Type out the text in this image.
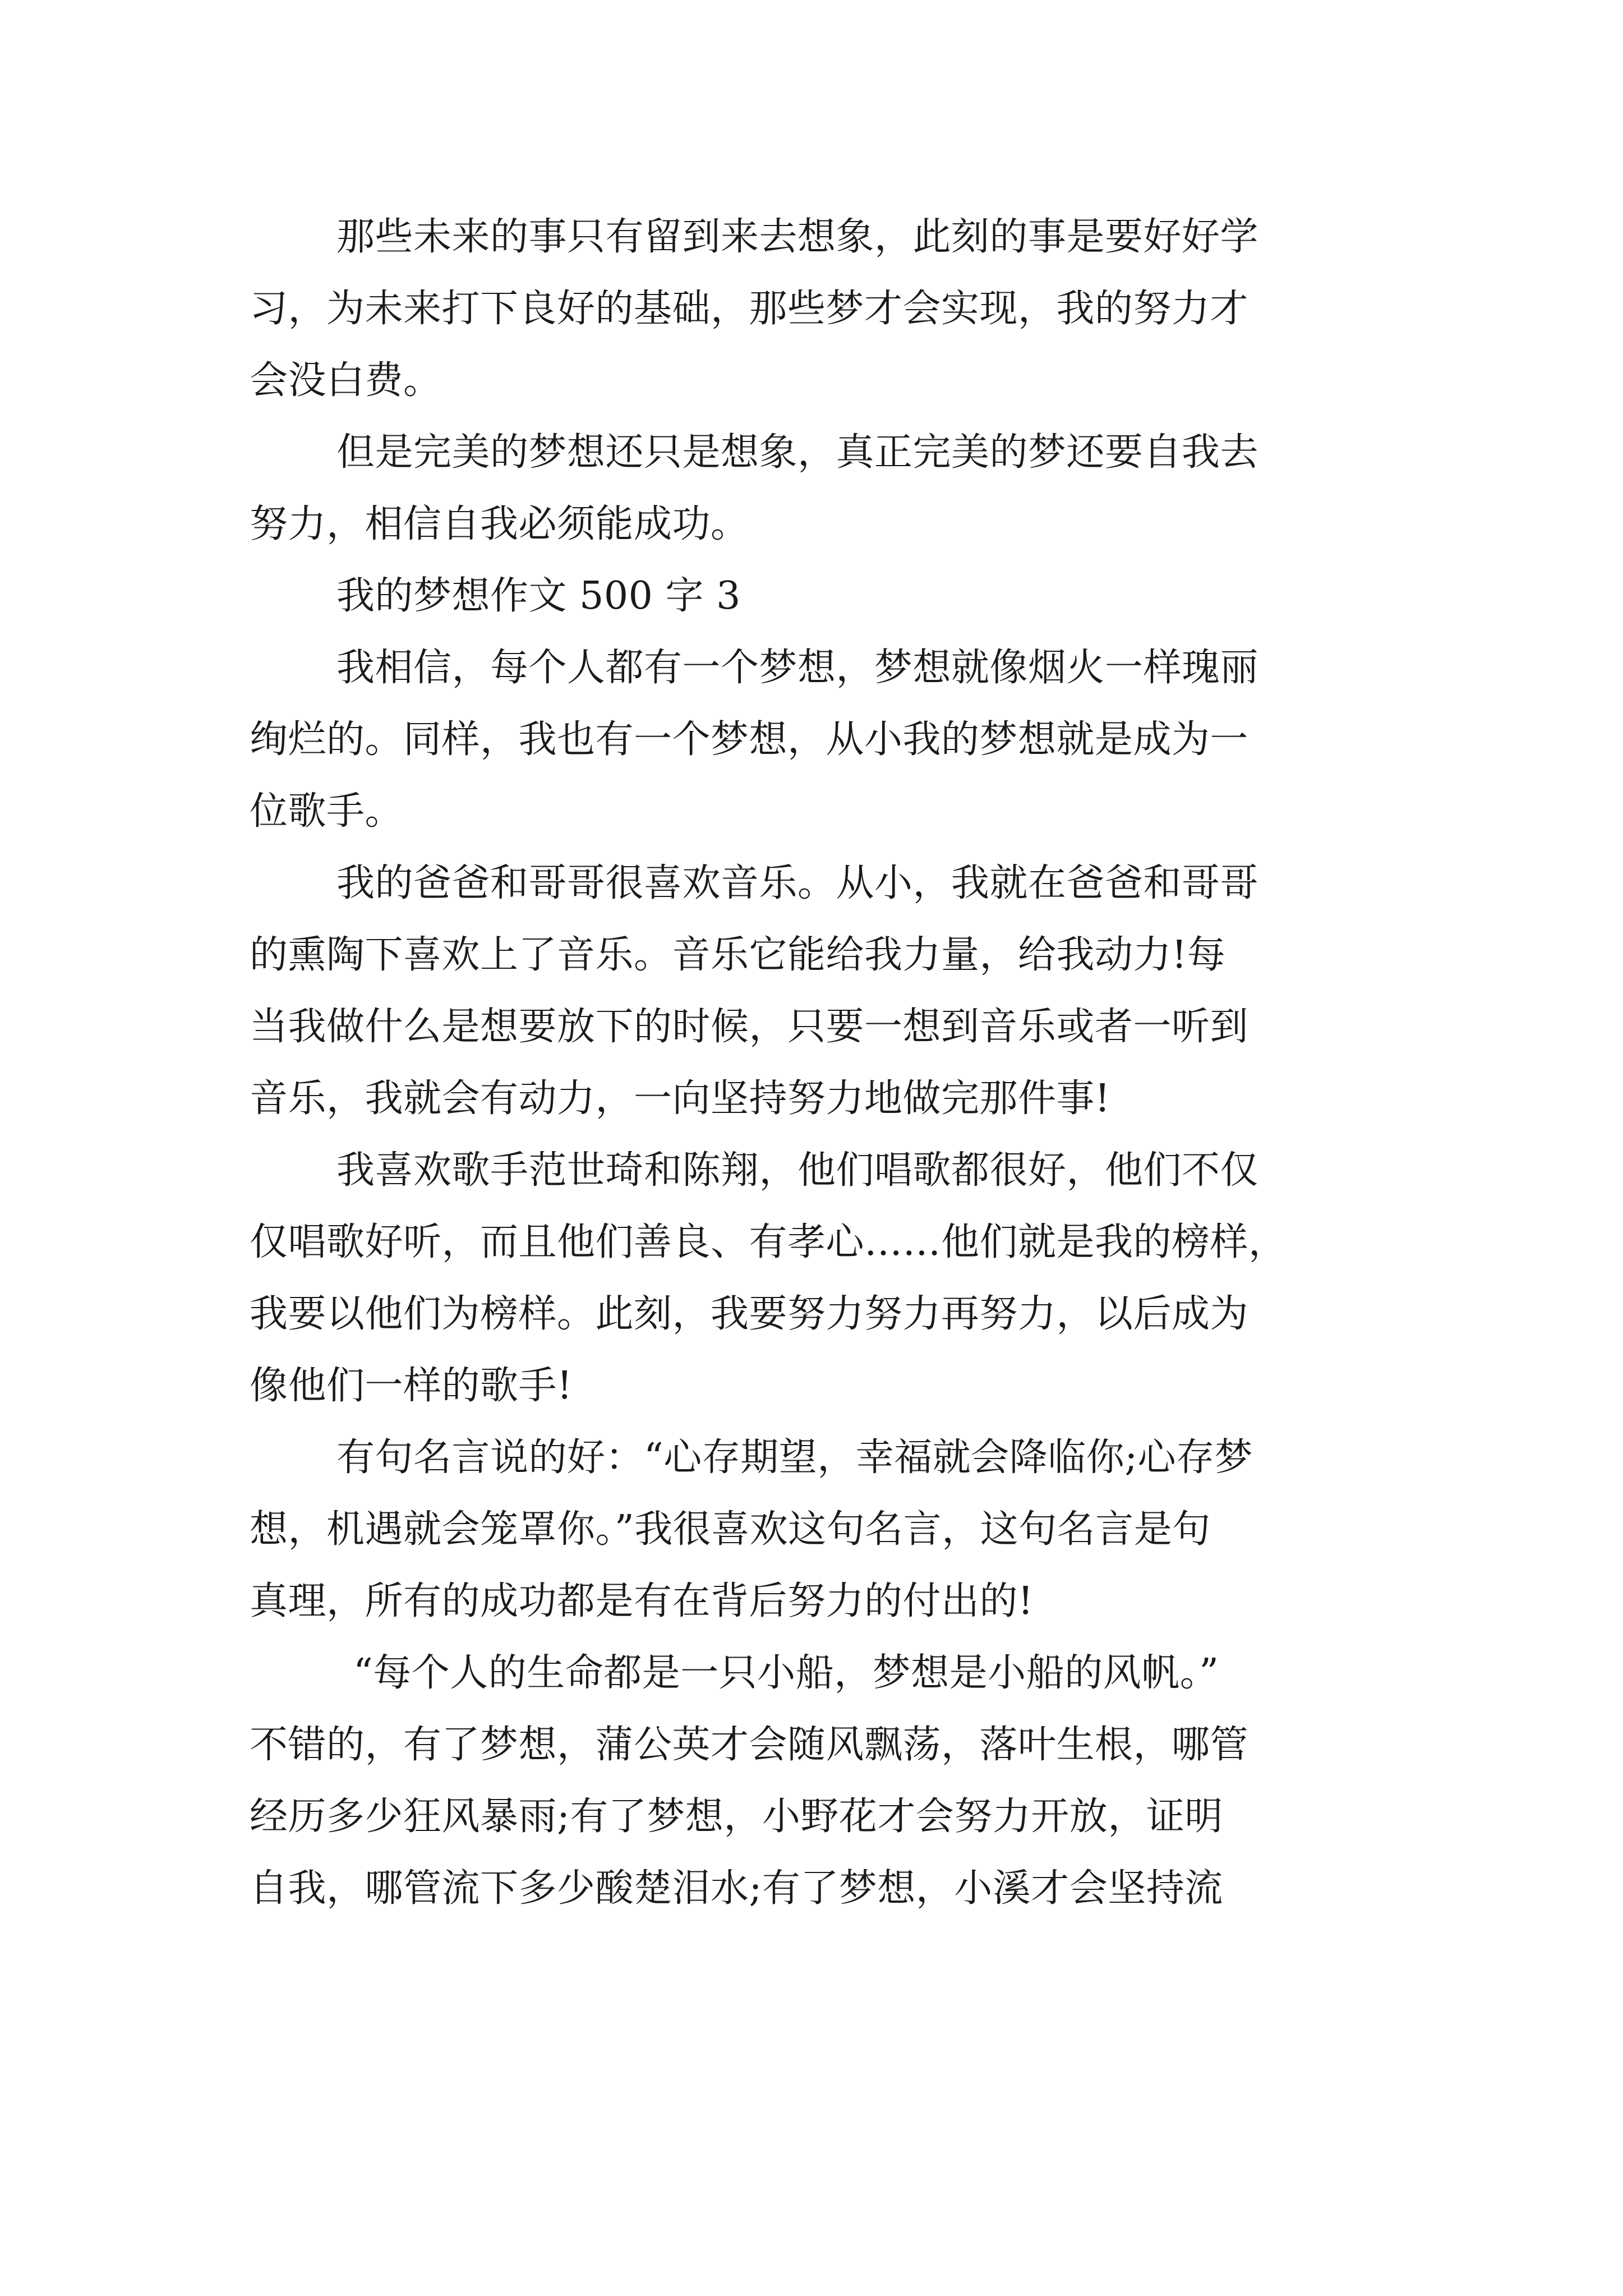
那些未来的事只有留到来去想象，此刻的事是要好好学
习，为未来打下良好的基础，那些梦才会实现，我的努力才
会没白费。
但是完美的梦想还只是想象，真正完美的梦还要自我去
努力，相信自我必须能成功。
我的梦想作文 500 字 3
我相信，每个人都有一个梦想，梦想就像烟火一样瑰丽
绚烂的。同样，我也有一个梦想，从小我的梦想就是成为一
位歌手。
我的爸爸和哥哥很喜欢音乐。从小，我就在爸爸和哥哥
的熏陶下喜欢上了音乐。音乐它能给我力量，给我动力!每
当我做什么是想要放下的时候，只要一想到音乐或者一听到
音乐，我就会有动力，一向坚持努力地做完那件事!
我喜欢歌手范世琦和陈翔，他们唱歌都很好，他们不仅
仅唱歌好听，而且他们善良、有孝心……他们就是我的榜样，
我要以他们为榜样。此刻，我要努力努力再努力，以后成为
像他们一样的歌手!
有句名言说的好：“心存期望，幸福就会降临你;心存梦
想，机遇就会笼罩你。”我很喜欢这句名言，这句名言是句
真理，所有的成功都是有在背后努力的付出的!
“每个人的生命都是一只小船，梦想是小船的风帆。”
不错的，有了梦想，蒲公英才会随风飘荡，落叶生根，哪管
经历多少狂风暴雨;有了梦想，小野花才会努力开放，证明
自我，哪管流下多少酸楚泪水;有了梦想，小溪才会坚持流
